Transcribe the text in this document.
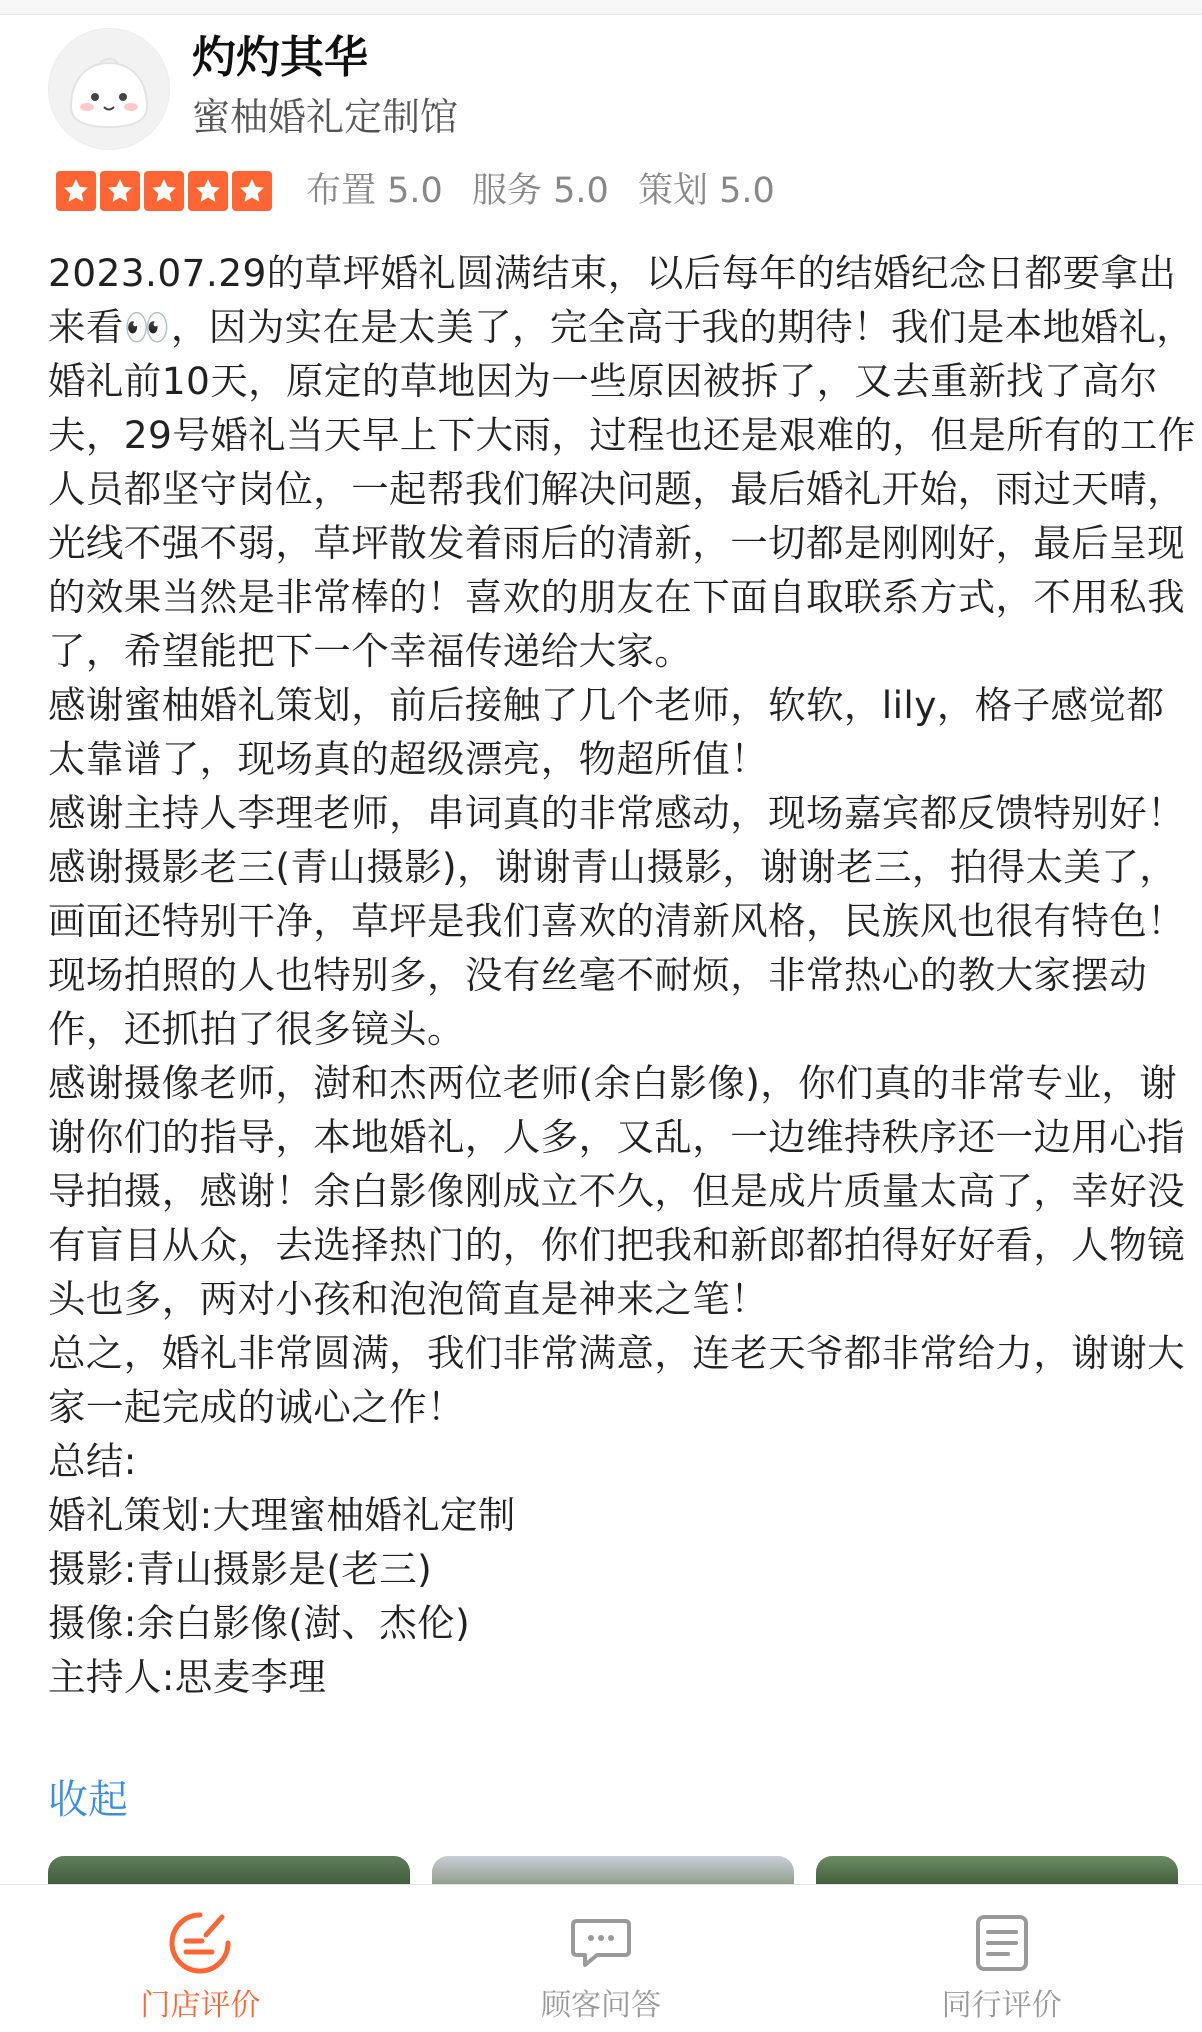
灼灼其华
蜜柚婚礼定制馆
布置 5.0 服务 5.0 策划 5.0

2023.07.29的草坪婚礼圆满结束，以后每年的结婚纪念日都要拿出来看👀，因为实在是太美了，完全高于我的期待！我们是本地婚礼，婚礼前10天，原定的草地因为一些原因被拆了，又去重新找了高尔夫，29号婚礼当天早上下大雨，过程也还是艰难的，但是所有的工作人员都坚守岗位，一起帮我们解决问题，最后婚礼开始，雨过天晴，光线不强不弱，草坪散发着雨后的清新，一切都是刚刚好，最后呈现的效果当然是非常棒的！喜欢的朋友在下面自取联系方式，不用私我了，希望能把下一个幸福传递给大家。

感谢蜜柚婚礼策划，前后接触了几个老师，软软，lily，格子感觉都太靠谱了，现场真的超级漂亮，物超所值！

感谢主持人李理老师，串词真的非常感动，现场嘉宾都反馈特别好！

感谢摄影老三(青山摄影)，谢谢青山摄影，谢谢老三，拍得太美了，画面还特别干净，草坪是我们喜欢的清新风格，民族风也很有特色！现场拍照的人也特别多，没有丝毫不耐烦，非常热心的教大家摆动作，还抓拍了很多镜头。

感谢摄像老师，澍和杰两位老师(余白影像)，你们真的非常专业，谢谢你们的指导，本地婚礼，人多，又乱，一边维持秩序还一边用心指导拍摄，感谢！余白影像刚成立不久，但是成片质量太高了，幸好没有盲目从众，去选择热门的，你们把我和新郎都拍得好好看，人物镜头也多，两对小孩和泡泡简直是神来之笔！

总之，婚礼非常圆满，我们非常满意，连老天爷都非常给力，谢谢大家一起完成的诚心之作！

总结:

婚礼策划:大理蜜柚婚礼定制

摄影:青山摄影是(老三)

摄像:余白影像(澍、杰伦)

主持人:思麦李理

收起
门店评价	顾客问答	同行评价
